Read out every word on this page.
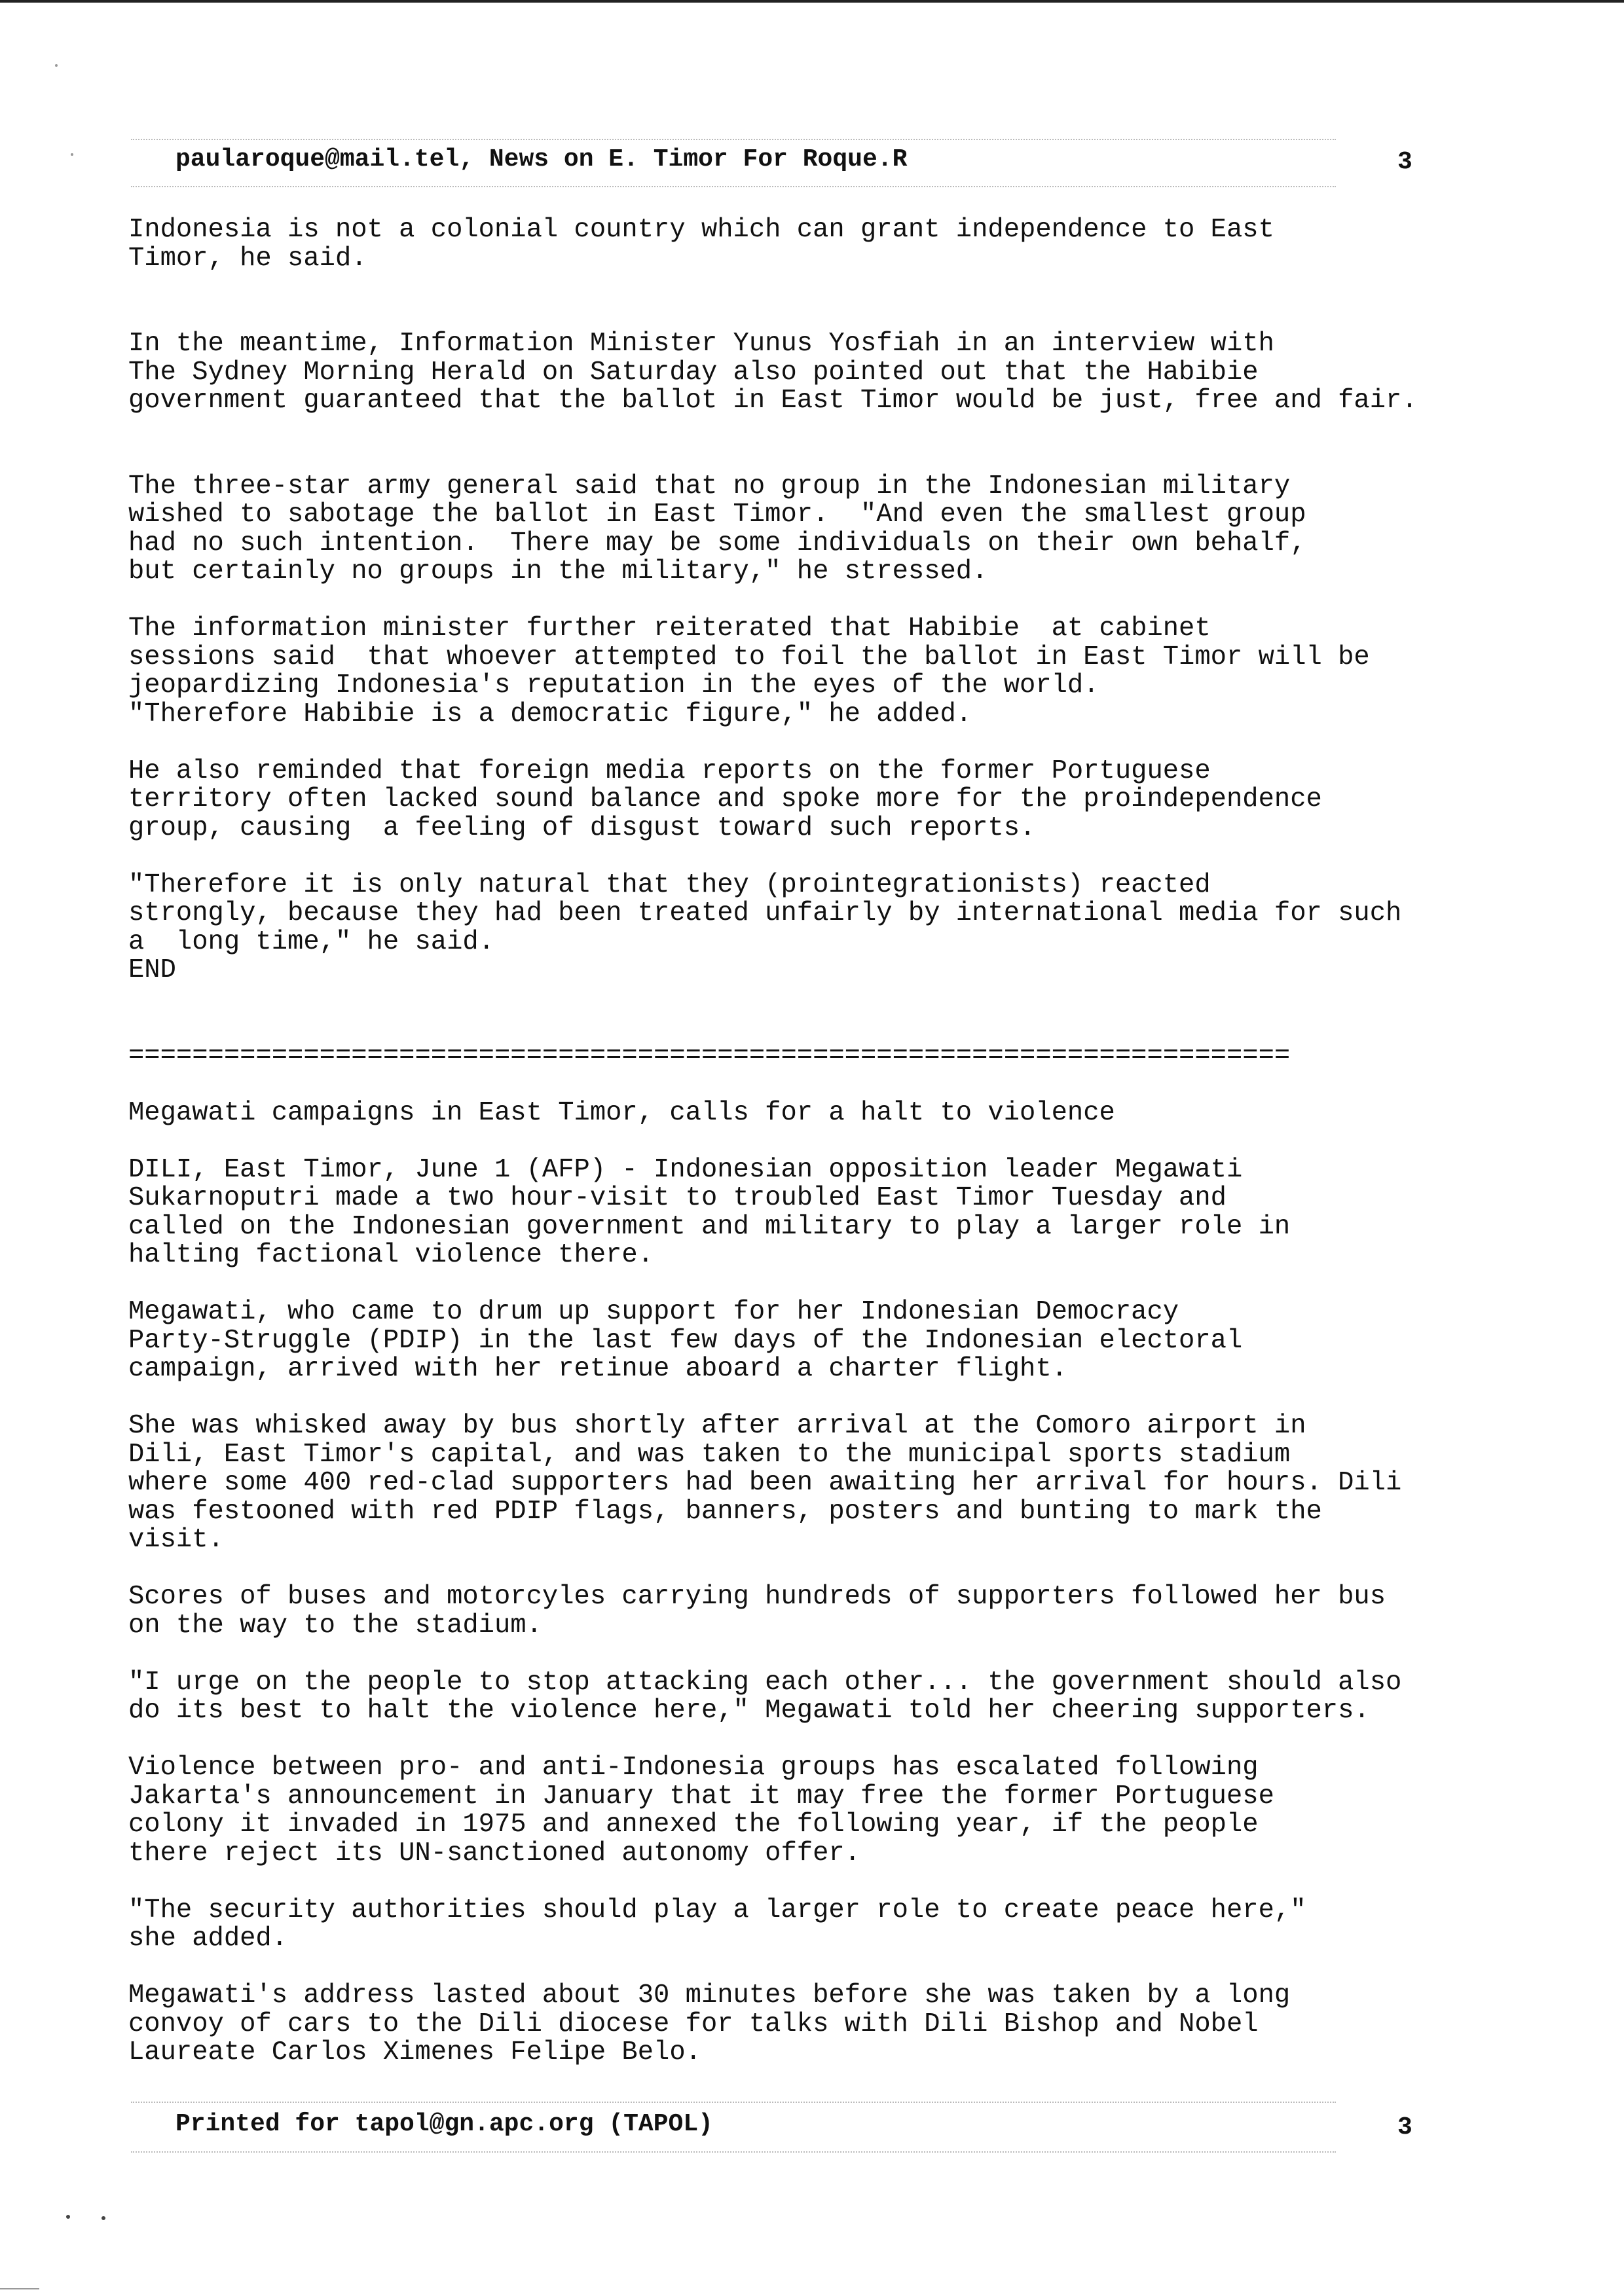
paularoque@mail.tel, News on E. Timor For Roque.R	3
Indonesia is not a colonial country which can grant independence to East
Timor, he said.
In the meantime, Information Minister Yunus Yosfiah in an interview with
The Sydney Morning Herald on Saturday also pointed out that the Habibie
government guaranteed that the ballot in East Timor would be just, free and fair.
The three-star army general said that no group in the Indonesian military
wished to sabotage the ballot in East Timor.  "And even the smallest group
had no such intention.  There may be some individuals on their own behalf,
but certainly no groups in the military," he stressed.
The information minister further reiterated that Habibie  at cabinet
sessions said  that whoever attempted to foil the ballot in East Timor will be
jeopardizing Indonesia's reputation in the eyes of the world.
"Therefore Habibie is a democratic figure," he added.
He also reminded that foreign media reports on the former Portuguese
territory often lacked sound balance and spoke more for the proindependence
group, causing  a feeling of disgust toward such reports.
"Therefore it is only natural that they (prointegrationists) reacted
strongly, because they had been treated unfairly by international media for such
a  long time," he said.
END
=========================================================================
Megawati campaigns in East Timor, calls for a halt to violence
DILI, East Timor, June 1 (AFP) - Indonesian opposition leader Megawati
Sukarnoputri made a two hour-visit to troubled East Timor Tuesday and
called on the Indonesian government and military to play a larger role in
halting factional violence there.
Megawati, who came to drum up support for her Indonesian Democracy
Party-Struggle (PDIP) in the last few days of the Indonesian electoral
campaign, arrived with her retinue aboard a charter flight.
She was whisked away by bus shortly after arrival at the Comoro airport in
Dili, East Timor's capital, and was taken to the municipal sports stadium
where some 400 red-clad supporters had been awaiting her arrival for hours. Dili
was festooned with red PDIP flags, banners, posters and bunting to mark the
visit.
Scores of buses and motorcyles carrying hundreds of supporters followed her bus
on the way to the stadium.
"I urge on the people to stop attacking each other... the government should also
do its best to halt the violence here," Megawati told her cheering supporters.
Violence between pro- and anti-Indonesia groups has escalated following
Jakarta's announcement in January that it may free the former Portuguese
colony it invaded in 1975 and annexed the following year, if the people
there reject its UN-sanctioned autonomy offer.
"The security authorities should play a larger role to create peace here,"
she added.
Megawati's address lasted about 30 minutes before she was taken by a long
convoy of cars to the Dili diocese for talks with Dili Bishop and Nobel
Laureate Carlos Ximenes Felipe Belo.
Printed for tapol@gn.apc.org (TAPOL)	3
